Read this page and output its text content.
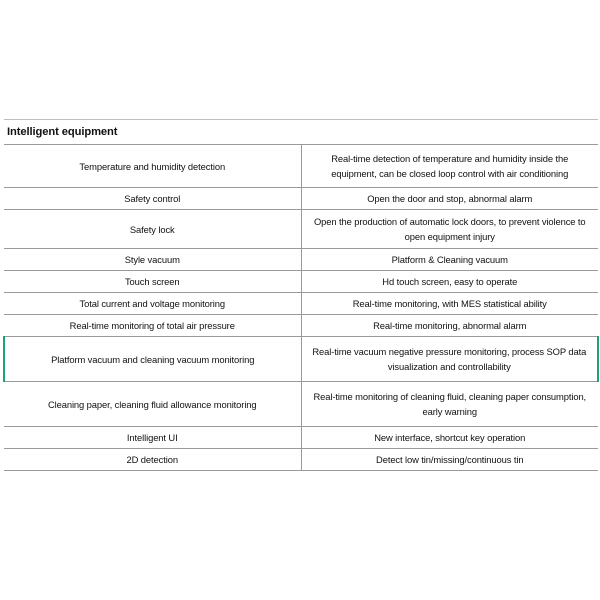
Intelligent equipment	
Temperature and humidity detection	Real-time detection of temperature and humidity inside the equipment, can be closed loop control with air conditioning
Safety control	Open the door and stop, abnormal alarm
Safety lock	Open the production of automatic lock doors, to prevent violence to open equipment injury
Style vacuum	Platform & Cleaning vacuum
Touch screen	Hd touch screen, easy to operate
Total current and voltage monitoring	Real-time monitoring, with MES statistical ability
Real-time monitoring of total air pressure	Real-time monitoring, abnormal alarm
Platform vacuum and cleaning vacuum monitoring	Real-time vacuum negative pressure monitoring, process SOP data visualization and controllability
Cleaning paper, cleaning fluid allowance monitoring	Real-time monitoring of cleaning fluid, cleaning paper consumption, early warning
Intelligent UI	New interface, shortcut key operation
2D detection	Detect low tin/missing/continuous tin
